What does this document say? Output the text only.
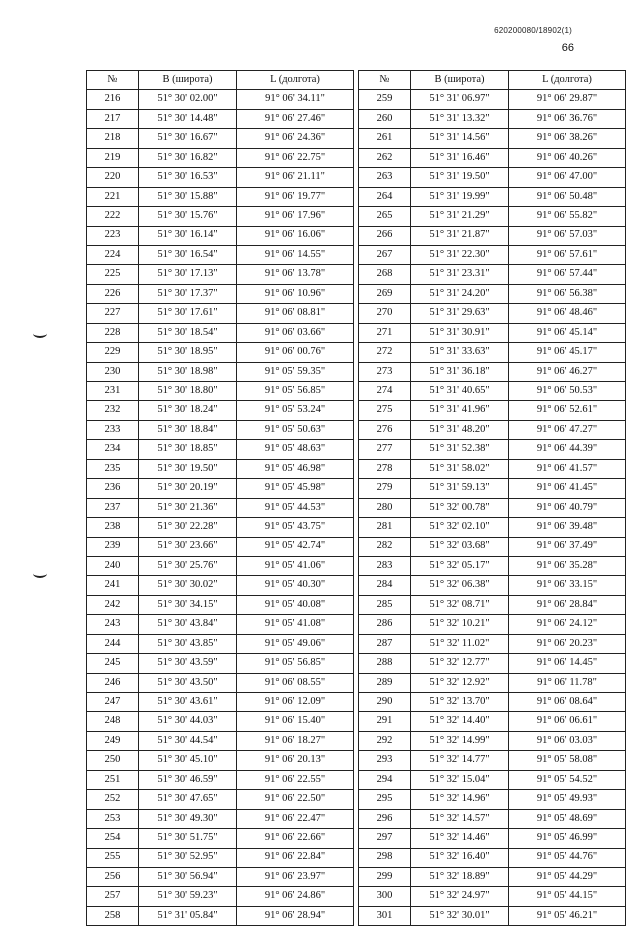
620200080/18902(1)
66
№	B (широта)	L (долгота)
216	51° 30' 02.00"	91° 06' 34.11"
217	51° 30' 14.48"	91° 06' 27.46"
218	51° 30' 16.67"	91° 06' 24.36"
219	51° 30' 16.82"	91° 06' 22.75"
220	51° 30' 16.53"	91° 06' 21.11"
221	51° 30' 15.88"	91° 06' 19.77"
222	51° 30' 15.76"	91° 06' 17.96"
223	51° 30' 16.14"	91° 06' 16.06"
224	51° 30' 16.54"	91° 06' 14.55"
225	51° 30' 17.13"	91° 06' 13.78"
226	51° 30' 17.37"	91° 06' 10.96"
227	51° 30' 17.61"	91° 06' 08.81"
228	51° 30' 18.54"	91° 06' 03.66"
229	51° 30' 18.95"	91° 06' 00.76"
230	51° 30' 18.98"	91° 05' 59.35"
231	51° 30' 18.80"	91° 05' 56.85"
232	51° 30' 18.24"	91° 05' 53.24"
233	51° 30' 18.84"	91° 05' 50.63"
234	51° 30' 18.85"	91° 05' 48.63"
235	51° 30' 19.50"	91° 05' 46.98"
236	51° 30' 20.19"	91° 05' 45.98"
237	51° 30' 21.36"	91° 05' 44.53"
238	51° 30' 22.28"	91° 05' 43.75"
239	51° 30' 23.66"	91° 05' 42.74"
240	51° 30' 25.76"	91° 05' 41.06"
241	51° 30' 30.02"	91° 05' 40.30"
242	51° 30' 34.15"	91° 05' 40.08"
243	51° 30' 43.84"	91° 05' 41.08"
244	51° 30' 43.85"	91° 05' 49.06"
245	51° 30' 43.59"	91° 05' 56.85"
246	51° 30' 43.50"	91° 06' 08.55"
247	51° 30' 43.61"	91° 06' 12.09"
248	51° 30' 44.03"	91° 06' 15.40"
249	51° 30' 44.54"	91° 06' 18.27"
250	51° 30' 45.10"	91° 06' 20.13"
251	51° 30' 46.59"	91° 06' 22.55"
252	51° 30' 47.65"	91° 06' 22.50"
253	51° 30' 49.30"	91° 06' 22.47"
254	51° 30' 51.75"	91° 06' 22.66"
255	51° 30' 52.95"	91° 06' 22.84"
256	51° 30' 56.94"	91° 06' 23.97"
257	51° 30' 59.23"	91° 06' 24.86"
258	51° 31' 05.84"	91° 06' 28.94"
№	B (широта)	L (долгота)
259	51° 31' 06.97"	91° 06' 29.87"
260	51° 31' 13.32"	91° 06' 36.76"
261	51° 31' 14.56"	91° 06' 38.26"
262	51° 31' 16.46"	91° 06' 40.26"
263	51° 31' 19.50"	91° 06' 47.00"
264	51° 31' 19.99"	91° 06' 50.48"
265	51° 31' 21.29"	91° 06' 55.82"
266	51° 31' 21.87"	91° 06' 57.03"
267	51° 31' 22.30"	91° 06' 57.61"
268	51° 31' 23.31"	91° 06' 57.44"
269	51° 31' 24.20"	91° 06' 56.38"
270	51° 31' 29.63"	91° 06' 48.46"
271	51° 31' 30.91"	91° 06' 45.14"
272	51° 31' 33.63"	91° 06' 45.17"
273	51° 31' 36.18"	91° 06' 46.27"
274	51° 31' 40.65"	91° 06' 50.53"
275	51° 31' 41.96"	91° 06' 52.61"
276	51° 31' 48.20"	91° 06' 47.27"
277	51° 31' 52.38"	91° 06' 44.39"
278	51° 31' 58.02"	91° 06' 41.57"
279	51° 31' 59.13"	91° 06' 41.45"
280	51° 32' 00.78"	91° 06' 40.79"
281	51° 32' 02.10"	91° 06' 39.48"
282	51° 32' 03.68"	91° 06' 37.49"
283	51° 32' 05.17"	91° 06' 35.28"
284	51° 32' 06.38"	91° 06' 33.15"
285	51° 32' 08.71"	91° 06' 28.84"
286	51° 32' 10.21"	91° 06' 24.12"
287	51° 32' 11.02"	91° 06' 20.23"
288	51° 32' 12.77"	91° 06' 14.45"
289	51° 32' 12.92"	91° 06' 11.78"
290	51° 32' 13.70"	91° 06' 08.64"
291	51° 32' 14.40"	91° 06' 06.61"
292	51° 32' 14.99"	91° 06' 03.03"
293	51° 32' 14.77"	91° 05' 58.08"
294	51° 32' 15.04"	91° 05' 54.52"
295	51° 32' 14.96"	91° 05' 49.93"
296	51° 32' 14.57"	91° 05' 48.69"
297	51° 32' 14.46"	91° 05' 46.99"
298	51° 32' 16.40"	91° 05' 44.76"
299	51° 32' 18.89"	91° 05' 44.29"
300	51° 32' 24.97"	91° 05' 44.15"
301	51° 32' 30.01"	91° 05' 46.21"
